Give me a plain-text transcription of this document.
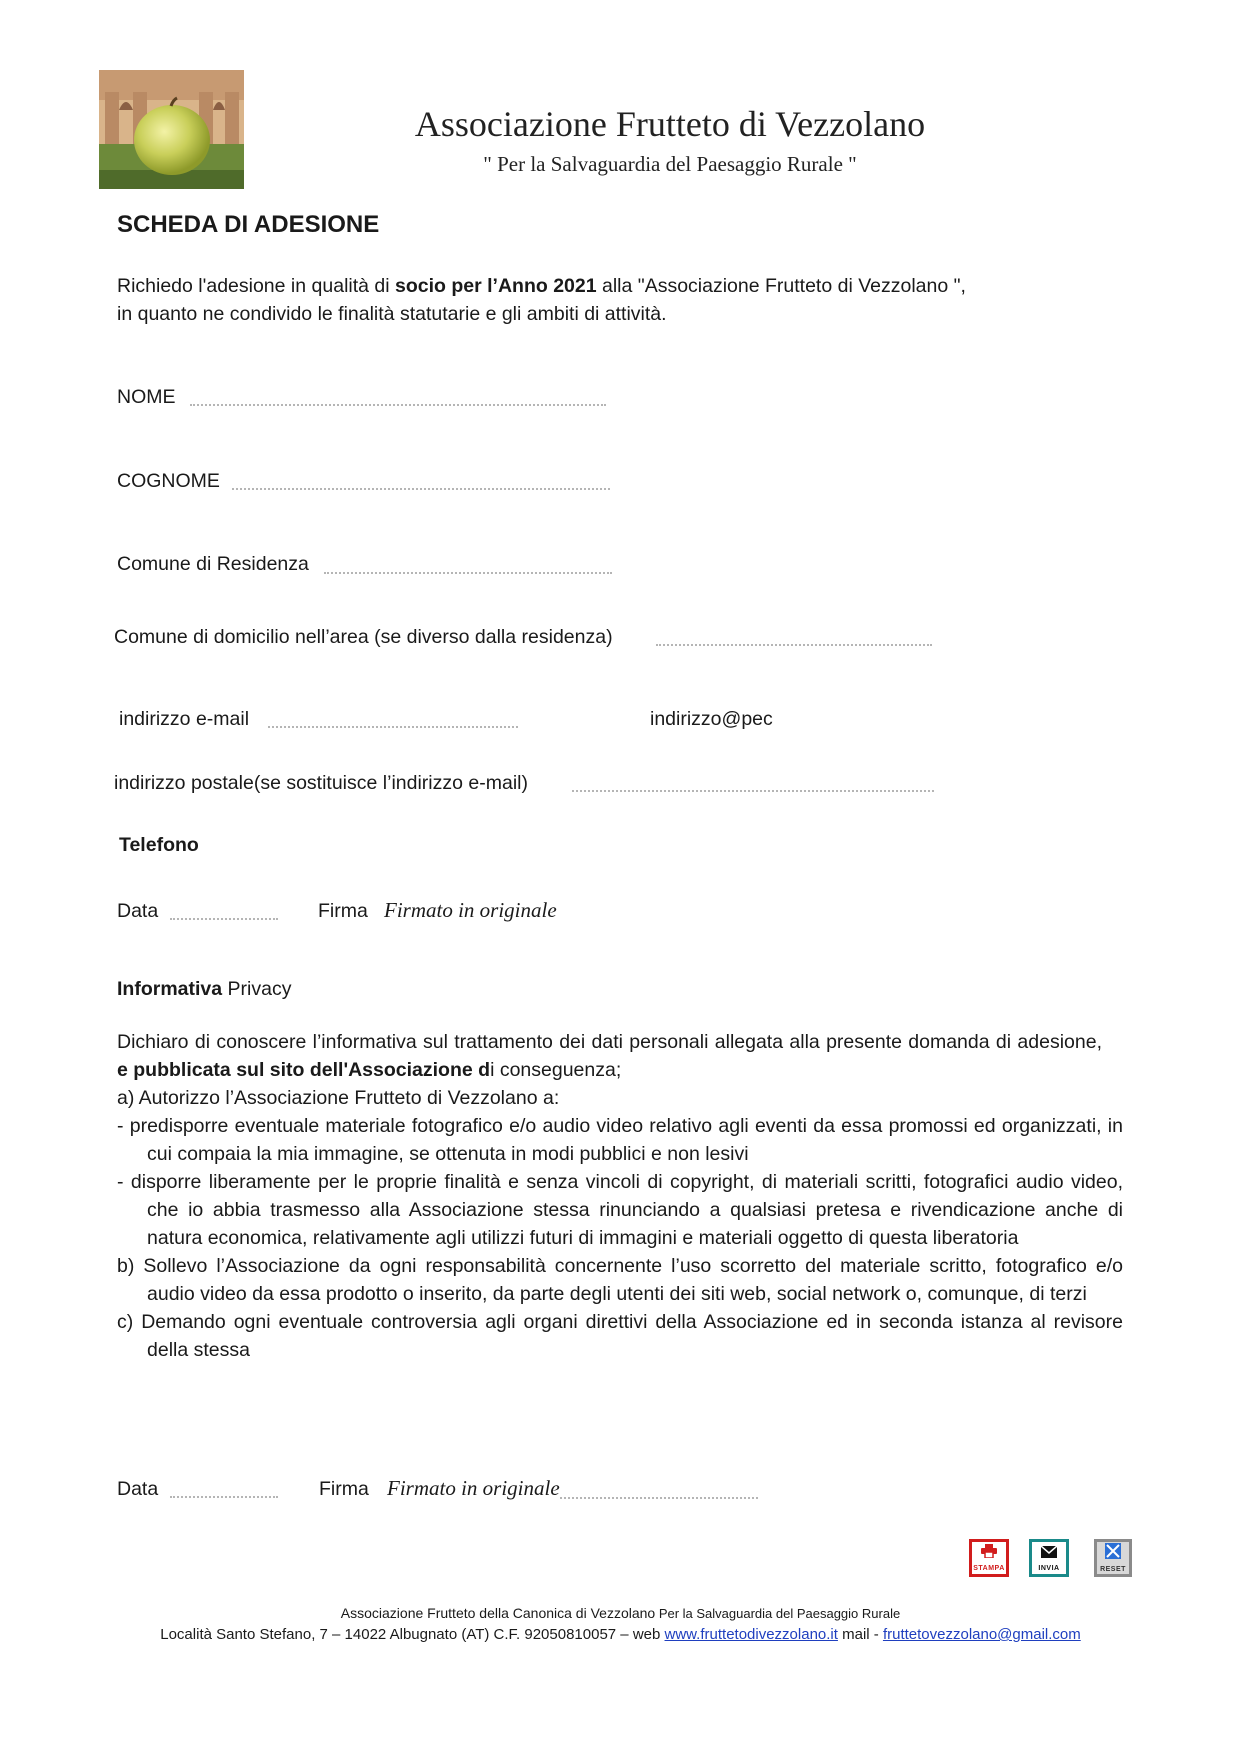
Associazione Frutteto di Vezzolano
" Per la Salvaguardia del Paesaggio Rurale "
SCHEDA DI ADESIONE
Richiedo l'adesione in qualità di socio per l’Anno 2021 alla "Associazione Frutteto di Vezzolano ",
in quanto ne condivido le finalità statutarie e gli ambiti di attività.
NOME
COGNOME
Comune di Residenza
Comune di domicilio nell’area (se diverso dalla residenza)
indirizzo e-mail	indirizzo@pec
indirizzo postale(se sostituisce l’indirizzo e-mail)
Telefono
Data	Firma Firmato in originale
Informativa Privacy

Dichiaro di conoscere l’informativa sul trattamento dei dati personali allegata alla presente domanda di adesione, e pubblicata sul sito dell'Associazione di conseguenza;

a) Autorizzo l’Associazione Frutteto di Vezzolano a:

- predisporre eventuale materiale fotografico e/o audio video relativo agli eventi da essa promossi ed organizzati, in cui compaia la mia immagine, se ottenuta in modi pubblici e non lesivi

- disporre liberamente per le proprie finalità e senza vincoli di copyright, di materiali scritti, fotografici audio video, che io abbia trasmesso alla Associazione stessa rinunciando a qualsiasi pretesa e rivendicazione anche di natura economica, relativamente agli utilizzi futuri di immagini e materiali oggetto di questa liberatoria

b) Sollevo l’Associazione da ogni responsabilità concernente l’uso scorretto del materiale scritto, fotografico e/o audio video da essa prodotto o inserito, da parte degli utenti dei siti web, social network o, comunque, di terzi

c) Demando ogni eventuale controversia agli organi direttivi della Associazione ed in seconda istanza al revisore della stessa

Data	Firma Firmato in originale
STAMPA	INVIA	RESET
Associazione Frutteto della Canonica di Vezzolano Per la Salvaguardia del Paesaggio Rurale
Località Santo Stefano, 7 – 14022 Albugnato (AT) C.F. 92050810057 – web www.fruttetodivezzolano.it mail - fruttetovezzolano@gmail.com
